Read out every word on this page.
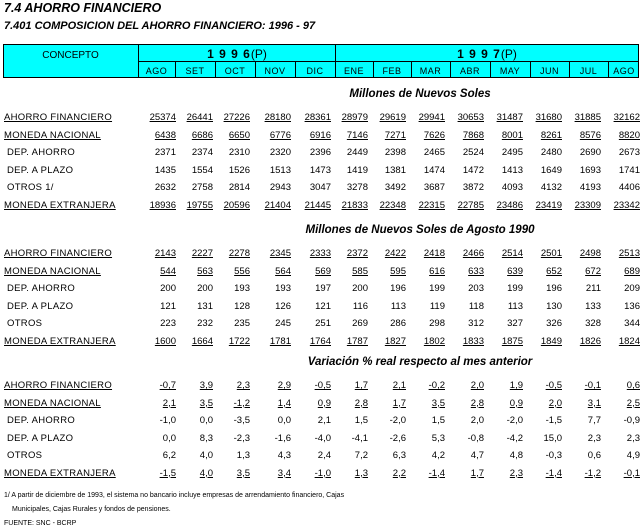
7.4 AHORRO FINANCIERO
7.401 COMPOSICION DEL AHORRO FINANCIERO: 1996 - 97
CONCEPTO	1 9 9 6(P)	1 9 9 7(P)
AGO	SET	OCT	NOV	DIC	ENE	FEB	MAR	ABR	MAY	JUN	JUL	AGO
Millones de Nuevos Soles
AHORRO FINANCIERO	25374	26441	27226	28180	28361	28979	29619	29941	30653	31487	31680	31885	32162
MONEDA NACIONAL	6438	6686	6650	6776	6916	7146	7271	7626	7868	8001	8261	8576	8820
DEP. AHORRO	2371	2374	2310	2320	2396	2449	2398	2465	2524	2495	2480	2690	2673
DEP. A PLAZO	1435	1554	1526	1513	1473	1419	1381	1474	1472	1413	1649	1693	1741
OTROS 1/	2632	2758	2814	2943	3047	3278	3492	3687	3872	4093	4132	4193	4406
MONEDA EXTRANJERA	18936	19755	20596	21404	21445	21833	22348	22315	22785	23486	23419	23309	23342
Millones de Nuevos Soles de Agosto 1990
AHORRO FINANCIERO	2143	2227	2278	2345	2333	2372	2422	2418	2466	2514	2501	2498	2513
MONEDA NACIONAL	544	563	556	564	569	585	595	616	633	639	652	672	689
DEP. AHORRO	200	200	193	193	197	200	196	199	203	199	196	211	209
DEP. A PLAZO	121	131	128	126	121	116	113	119	118	113	130	133	136
OTROS	223	232	235	245	251	269	286	298	312	327	326	328	344
MONEDA EXTRANJERA	1600	1664	1722	1781	1764	1787	1827	1802	1833	1875	1849	1826	1824
Variación % real respecto al mes anterior
AHORRO FINANCIERO	-0,7	3,9	2,3	2,9	-0,5	1,7	2,1	-0,2	2,0	1,9	-0,5	-0,1	0,6
MONEDA NACIONAL	2,1	3,5	-1,2	1,4	0,9	2,8	1,7	3,5	2,8	0,9	2,0	3,1	2,5
DEP. AHORRO	-1,0	0,0	-3,5	0,0	2,1	1,5	-2,0	1,5	2,0	-2,0	-1,5	7,7	-0,9
DEP. A PLAZO	0,0	8,3	-2,3	-1,6	-4,0	-4,1	-2,6	5,3	-0,8	-4,2	15,0	2,3	2,3
OTROS	6,2	4,0	1,3	4,3	2,4	7,2	6,3	4,2	4,7	4,8	-0,3	0,6	4,9
MONEDA EXTRANJERA	-1,5	4,0	3,5	3,4	-1,0	1,3	2,2	-1,4	1,7	2,3	-1,4	-1,2	-0,1
1/ A partir de diciembre de 1993, el sistema no bancario incluye empresas de arrendamiento financiero, Cajas
Municipales, Cajas Rurales y fondos de pensiones.
FUENTE: SNC - BCRP
